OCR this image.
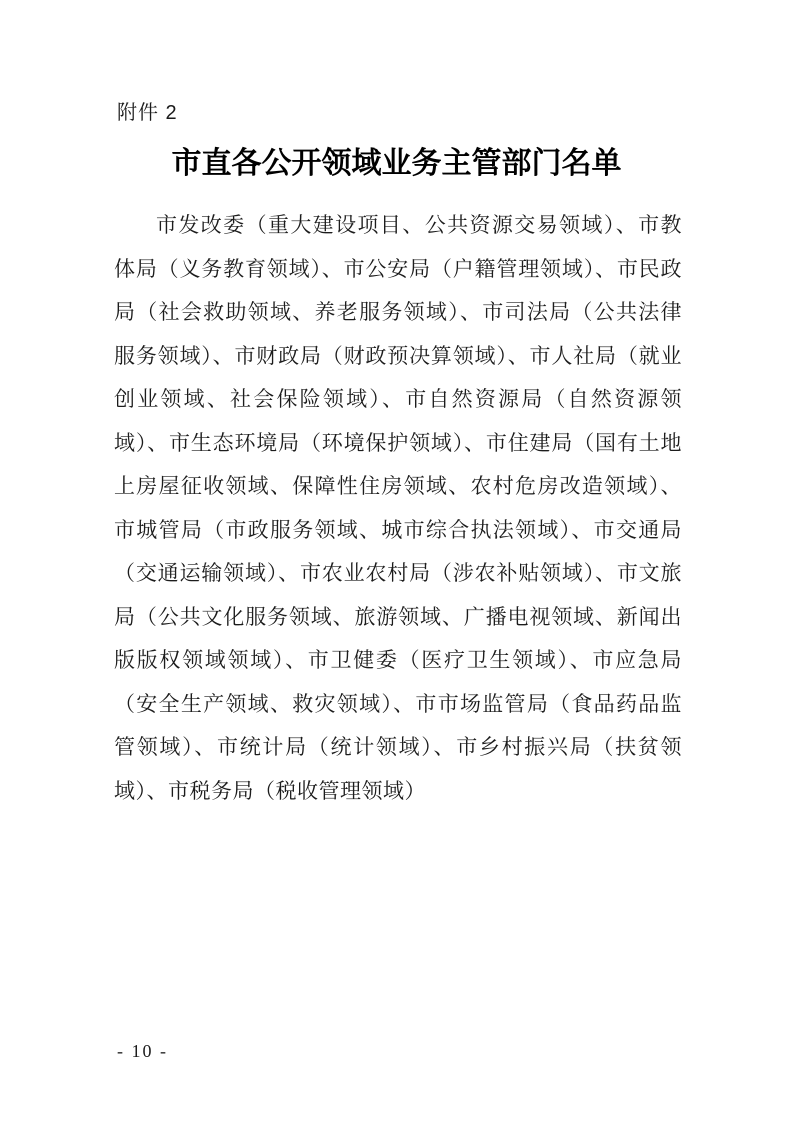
附件 2
市直各公开领域业务主管部门名单
市发改委（重大建设项目、公共资源交易领域）、市教体局（义务教育领域）、市公安局（户籍管理领域）、市民政局（社会救助领域、养老服务领域）、市司法局（公共法律服务领域）、市财政局（财政预决算领域）、市人社局（就业创业领域、社会保险领域）、市自然资源局（自然资源领域）、市生态环境局（环境保护领域）、市住建局（国有土地上房屋征收领域、保障性住房领域、农村危房改造领域）、市城管局（市政服务领域、城市综合执法领域）、市交通局（交通运输领域）、市农业农村局（涉农补贴领域）、市文旅局（公共文化服务领域、旅游领域、广播电视领域、新闻出版版权领域领域）、市卫健委（医疗卫生领域）、市应急局（安全生产领域、救灾领域）、市市场监管局（食品药品监管领域）、市统计局（统计领域）、市乡村振兴局（扶贫领域）、市税务局（税收管理领域）
- 10 -
